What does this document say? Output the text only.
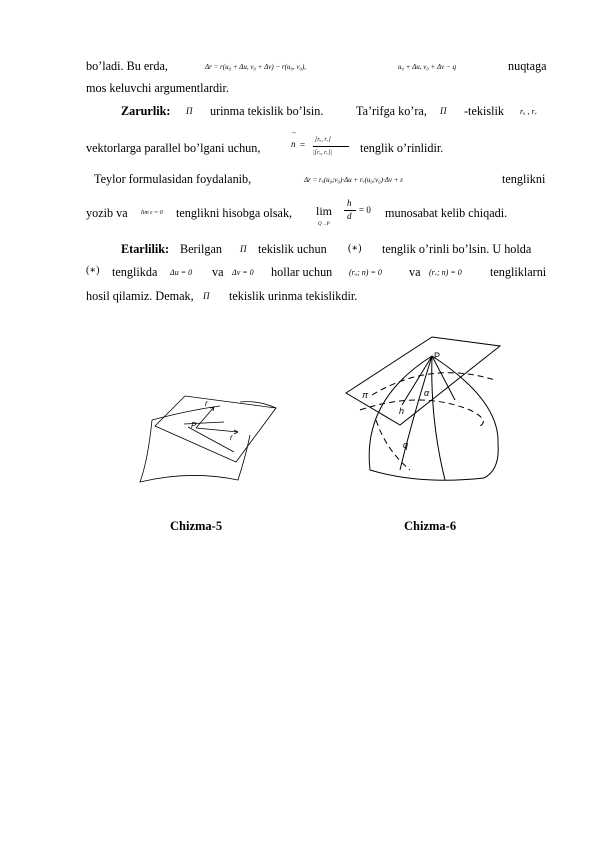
bo’ladi. Bu erda,	Δr = r(u₀ + Δu, v₀ + Δv) − r(u₀, v₀),	u₀ + Δu, v₀ + Δv − q	nuqtaga
mos keluvchi argumentlardir.
Zarurlik: Π urinma tekislik bo’lsin.	Ta’rifga ko’ra, Π -tekislik rᵤ , rᵥ
vektorlarga parallel bo’lgani uchun,
→
n = [rᵤ, rᵥ]
|[rᵤ, rᵥ]| tenglik o’rinlidir.
Teylor formulasidan foydalanib,	Δr = rᵤ(u₀;v₀)·Δu + rᵥ(u₀;v₀)·Δv + ε	tenglikni
yozib va lim ε = 0 tenglikni hisobga olsak, lim
Q→P
h
d
= 0 munosabat kelib chiqadi.
Etarlilik: Berilgan Π tekislik uchun (∗) tenglik o’rinli bo’lsin. U holda
(∗) tenglikda Δu = 0 va Δv = 0 hollar uchun (rᵤ; n) = 0 va (rᵥ; n) = 0 tengliklarni
hosil qilamiz. Demak, Π tekislik urinma tekislikdir.
r
P
r
P
π	α
h
q
Chizma-5	Chizma-6
